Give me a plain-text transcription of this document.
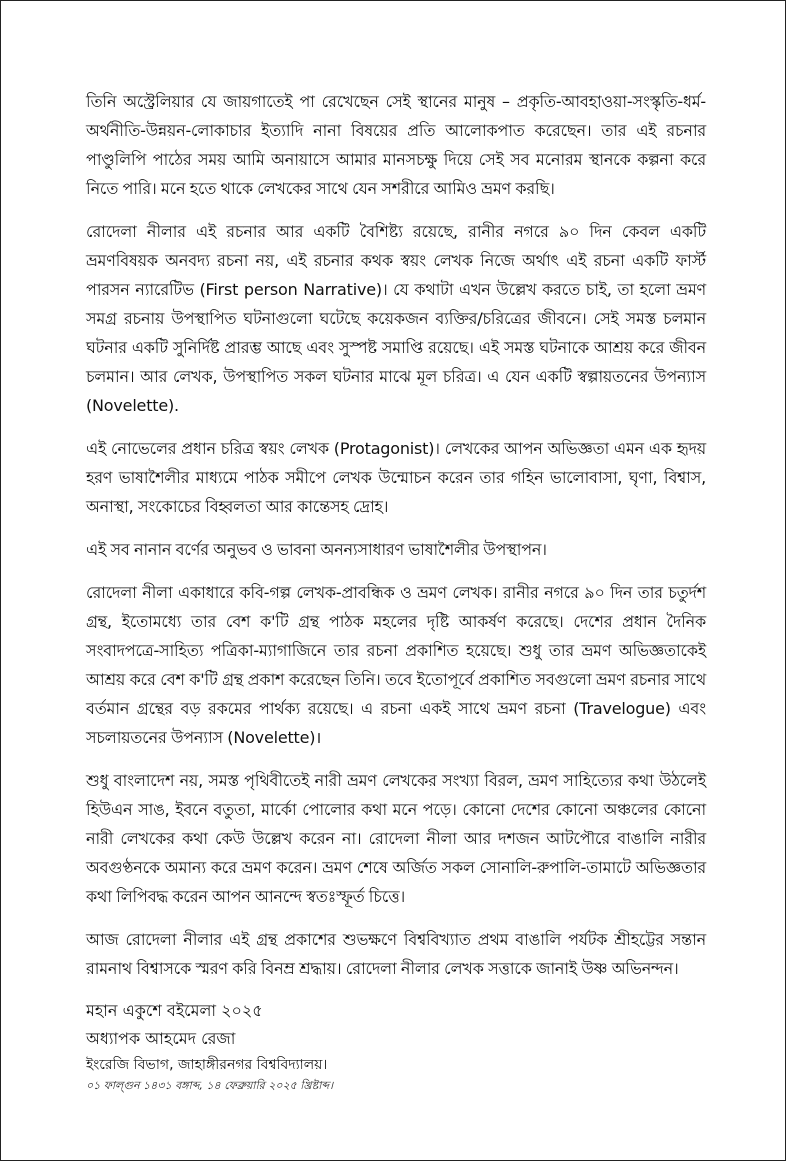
তিনি অস্ট্রেলিয়ার যে জায়গাতেই পা রেখেছেন সেই স্থানের মানুষ – প্রকৃতি-আবহাওয়া-সংস্কৃতি-ধর্ম-অর্থনীতি-উন্নয়ন-লোকাচার ইত্যাদি নানা বিষয়ের প্রতি আলোকপাত করেছেন। তার এই রচনার পাণ্ডুলিপি পাঠের সময় আমি অনায়াসে আমার মানসচক্ষু দিয়ে সেই সব মনোরম স্থানকে কল্পনা করে নিতে পারি। মনে হতে থাকে লেখকের সাথে যেন সশরীরে আমিও ভ্রমণ করছি।

রোদেলা নীলার এই রচনার আর একটি বৈশিষ্ট্য রয়েছে, রানীর নগরে ৯০ দিন কেবল একটি ভ্রমণবিষয়ক অনবদ্য রচনা নয়, এই রচনার কথক স্বয়ং লেখক নিজে অর্থাৎ এই রচনা একটি ফার্স্ট পারসন ন্যারেটিভ (First person Narrative)। যে কথাটা এখন উল্লেখ করতে চাই, তা হলো ভ্রমণ সমগ্র রচনায় উপস্থাপিত ঘটনাগুলো ঘটেছে কয়েকজন ব্যক্তির/চরিত্রের জীবনে। সেই সমস্ত চলমান ঘটনার একটি সুনির্দিষ্ট প্রারম্ভ আছে এবং সুস্পষ্ট সমাপ্তি রয়েছে। এই সমস্ত ঘটনাকে আশ্রয় করে জীবন চলমান। আর লেখক, উপস্থাপিত সকল ঘটনার মাঝে মূল চরিত্র। এ যেন একটি স্বল্পায়তনের উপন্যাস (Novelette).

এই নোভেলের প্রধান চরিত্র স্বয়ং লেখক (Protagonist)। লেখকের আপন অভিজ্ঞতা এমন এক হৃদয় হরণ ভাষাশৈলীর মাধ্যমে পাঠক সমীপে লেখক উন্মোচন করেন তার গহিন ভালোবাসা, ঘৃণা, বিশ্বাস, অনাস্থা, সংকোচের বিহ্বলতা আর কান্তেসহ দ্রোহ।

এই সব নানান বর্ণের অনুভব ও ভাবনা অনন্যসাধারণ ভাষাশৈলীর উপস্থাপন।

রোদেলা নীলা একাধারে কবি-গল্প লেখক-প্রাবন্ধিক ও ভ্রমণ লেখক। রানীর নগরে ৯০ দিন তার চতুর্দশ গ্রন্থ, ইতোমধ্যে তার বেশ ক'টি গ্রন্থ পাঠক মহলের দৃষ্টি আকর্ষণ করেছে। দেশের প্রধান দৈনিক সংবাদপত্রে-সাহিত্য পত্রিকা-ম্যাগাজিনে তার রচনা প্রকাশিত হয়েছে। শুধু তার ভ্রমণ অভিজ্ঞতাকেই আশ্রয় করে বেশ ক'টি গ্রন্থ প্রকাশ করেছেন তিনি। তবে ইতোপূর্বে প্রকাশিত সবগুলো ভ্রমণ রচনার সাথে বর্তমান গ্রন্থের বড় রকমের পার্থক্য রয়েছে। এ রচনা একই সাথে ভ্রমণ রচনা (Travelogue) এবং সচলায়তনের উপন্যাস (Novelette)।

শুধু বাংলাদেশ নয়, সমস্ত পৃথিবীতেই নারী ভ্রমণ লেখকের সংখ্যা বিরল, ভ্রমণ সাহিত্যের কথা উঠলেই হিউএন সাঙ, ইবনে বতুতা, মার্কো পোলোর কথা মনে পড়ে। কোনো দেশের কোনো অঞ্চলের কোনো নারী লেখকের কথা কেউ উল্লেখ করেন না। রোদেলা নীলা আর দশজন আটপৌরে বাঙালি নারীর অবগুণ্ঠনকে অমান্য করে ভ্রমণ করেন। ভ্রমণ শেষে অর্জিত সকল সোনালি-রুপালি-তামাটে অভিজ্ঞতার কথা লিপিবদ্ধ করেন আপন আনন্দে স্বতঃস্ফূর্ত চিত্তে।

আজ রোদেলা নীলার এই গ্রন্থ প্রকাশের শুভক্ষণে বিশ্ববিখ্যাত প্রথম বাঙালি পর্যটক শ্রীহট্টের সন্তান রামনাথ বিশ্বাসকে স্মরণ করি বিনম্র শ্রদ্ধায়। রোদেলা নীলার লেখক সত্তাকে জানাই উষ্ণ অভিনন্দন।

মহান একুশে বইমেলা ২০২৫
অধ্যাপক আহমেদ রেজা
ইংরেজি বিভাগ, জাহাঙ্গীরনগর বিশ্ববিদ্যালয়।
০১ ফাল্গুন ১৪৩১ বঙ্গাব্দ, ১৪ ফেব্রুয়ারি ২০২৫ খ্রিষ্টাব্দ।
